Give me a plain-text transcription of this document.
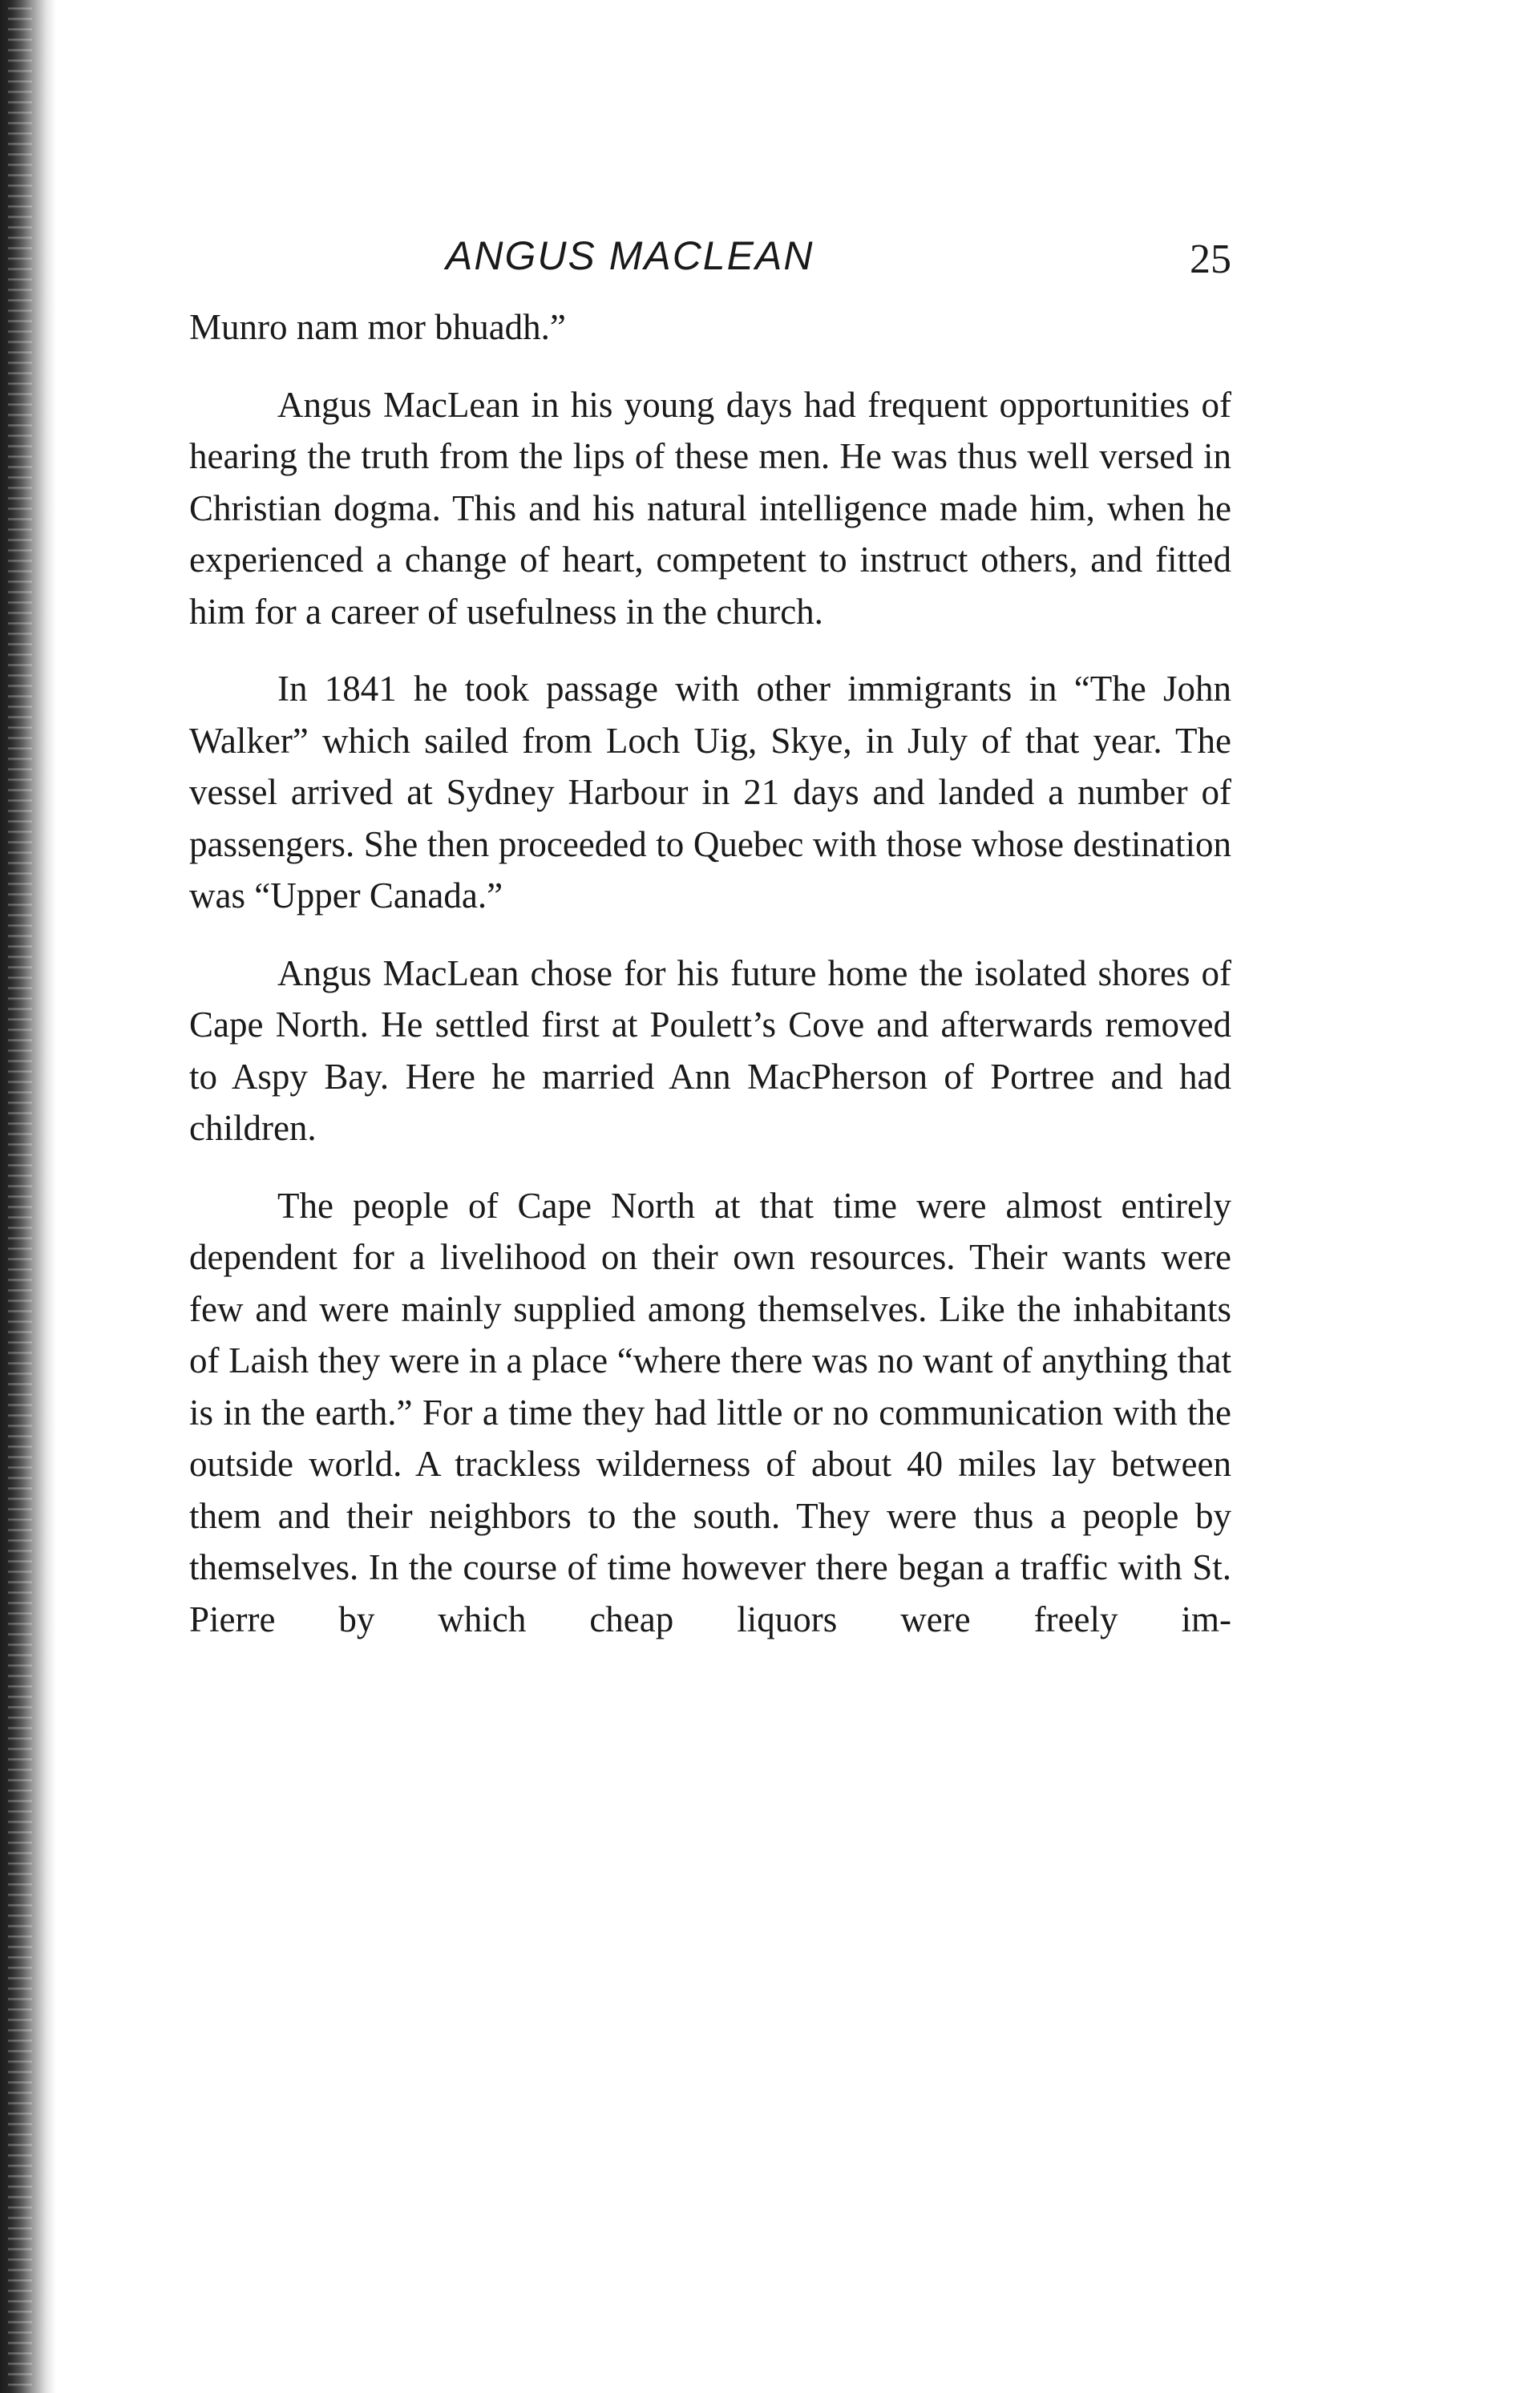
ANGUS MACLEAN	25

Munro nam mor bhuadh.”

Angus MacLean in his young days had frequent opportunities of hearing the truth from the lips of these men. He was thus well versed in Christian dogma. This and his natural intelligence made him, when he experienced a change of heart, competent to instruct others, and fitted him for a career of usefulness in the church.

In 1841 he took passage with other immigrants in “The John Walker” which sailed from Loch Uig, Skye, in July of that year. The vessel arrived at Sydney Harbour in 21 days and landed a number of passengers. She then proceeded to Quebec with those whose destination was “Upper Canada.”

Angus MacLean chose for his future home the isolated shores of Cape North. He settled first at Poulett’s Cove and afterwards removed to Aspy Bay. Here he married Ann MacPherson of Portree and had children.

The people of Cape North at that time were almost entirely dependent for a livelihood on their own resources. Their wants were few and were mainly supplied among themselves. Like the inhabitants of Laish they were in a place “where there was no want of anything that is in the earth.” For a time they had little or no communication with the outside world. A trackless wilderness of about 40 miles lay between them and their neighbors to the south. They were thus a people by themselves. In the course of time however there began a traffic with St. Pierre by which cheap liquors were freely im-
